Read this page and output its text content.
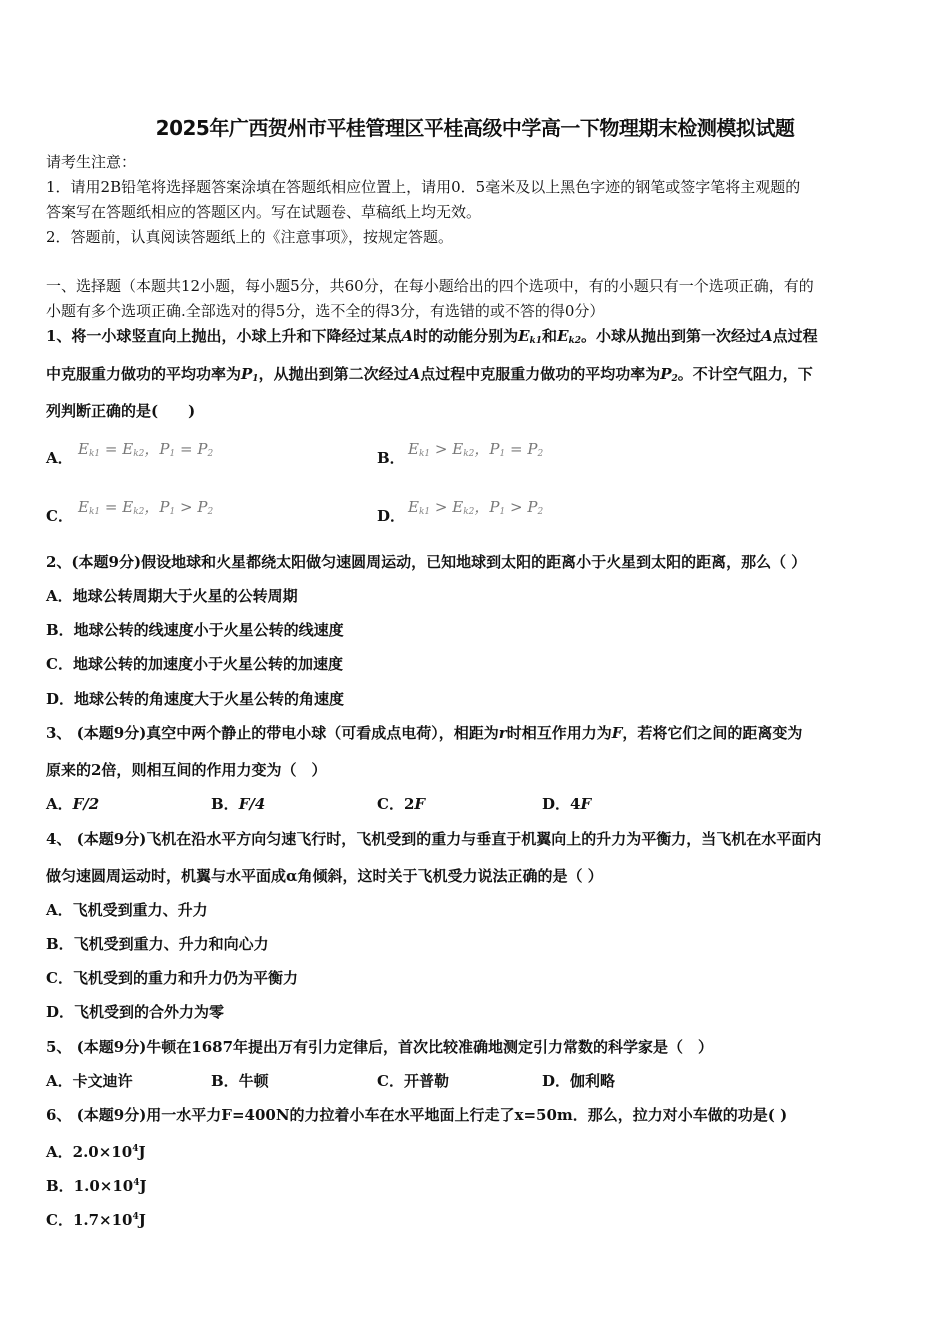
2025年广西贺州市平桂管理区平桂高级中学高一下物理期末检测模拟试题
请考生注意：
1．请用2B铅笔将选择题答案涂填在答题纸相应位置上，请用0．5毫米及以上黑色字迹的钢笔或签字笔将主观题的
答案写在答题纸相应的答题区内。写在试题卷、草稿纸上均无效。
2．答题前，认真阅读答题纸上的《注意事项》，按规定答题。
一、选择题（本题共12小题，每小题5分，共60分，在每小题给出的四个选项中，有的小题只有一个选项正确，有的
小题有多个选项正确.全部选对的得5分，选不全的得3分，有选错的或不答的得0分）
1、将一小球竖直向上抛出，小球上升和下降经过某点A时的动能分别为$E_{k1}$和$E_{k2}$。小球从抛出到第一次经过A点过程
中克服重力做功的平均功率为$P_1$，从抛出到第二次经过A点过程中克服重力做功的平均功率为$P_2$。不计空气阻力，下
列判断正确的是(　　)
A． $E_{k1} = E_{k2}$，$P_1 = P_2$	B． $E_{k1} > E_{k2}$，$P_1 = P_2$
C． $E_{k1} = E_{k2}$，$P_1 > P_2$	D． $E_{k1} > E_{k2}$，$P_1 > P_2$
2、(本题9分)假设地球和火星都绕太阳做匀速圆周运动，已知地球到太阳的距离小于火星到太阳的距离，那么（ ）
A．地球公转周期大于火星的公转周期
B．地球公转的线速度小于火星公转的线速度
C．地球公转的加速度小于火星公转的加速度
D．地球公转的角速度大于火星公转的角速度
3、 (本题9分)真空中两个静止的带电小球（可看成点电荷），相距为r时相互作用力为F，若将它们之间的距离变为
原来的2倍，则相互间的作用力变为（　）
A．F/2	B．F/4	C．2F	D．4F
4、 (本题9分)飞机在沿水平方向匀速飞行时，飞机受到的重力与垂直于机翼向上的升力为平衡力，当飞机在水平面内
做匀速圆周运动时，机翼与水平面成α角倾斜，这时关于飞机受力说法正确的是（ ）
A．飞机受到重力、升力
B．飞机受到重力、升力和向心力
C．飞机受到的重力和升力仍为平衡力
D．飞机受到的合外力为零
5、 (本题9分)牛顿在1687年提出万有引力定律后，首次比较准确地测定引力常数的科学家是（　）
A．卡文迪许	B．牛顿	C．开普勒	D．伽利略
6、 (本题9分)用一水平力F=400N的力拉着小车在水平地面上行走了x=50m．那么，拉力对小车做的功是( )
A．$2.0\times 10^4J$
B．$1.0\times 10^4J$
C．$1.7\times 10^4J$
